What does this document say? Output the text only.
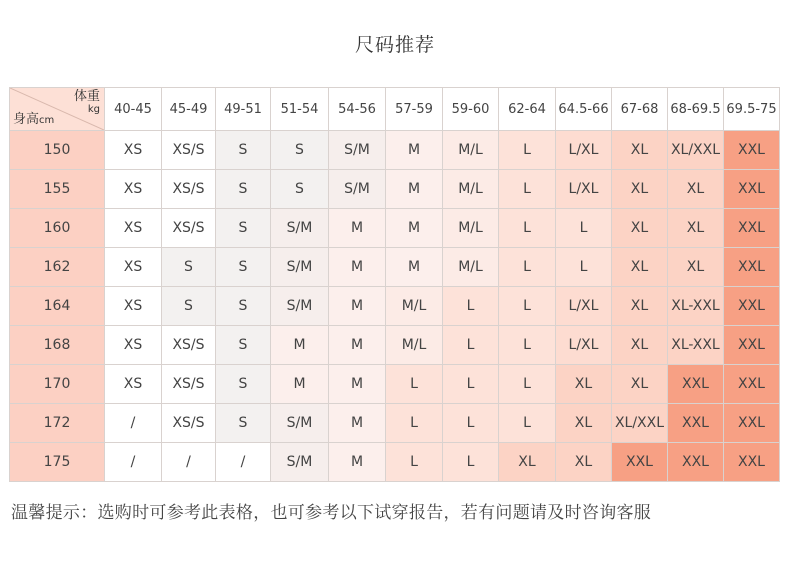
尺码推荐
体重
kg
身高cm	40-45	45-49	49-51	51-54	54-56	57-59	59-60	62-64	64.5-66	67-68	68-69.5	69.5-75
150	XS	XS/S	S	S	S/M	M	M/L	L	L/XL	XL	XL/XXL	XXL
155	XS	XS/S	S	S	S/M	M	M/L	L	L/XL	XL	XL	XXL
160	XS	XS/S	S	S/M	M	M	M/L	L	L	XL	XL	XXL
162	XS	S	S	S/M	M	M	M/L	L	L	XL	XL	XXL
164	XS	S	S	S/M	M	M/L	L	L	L/XL	XL	XL-XXL	XXL
168	XS	XS/S	S	M	M	M/L	L	L	L/XL	XL	XL-XXL	XXL
170	XS	XS/S	S	M	M	L	L	L	XL	XL	XXL	XXL
172	/	XS/S	S	S/M	M	L	L	L	XL	XL/XXL	XXL	XXL
175	/	/	/	S/M	M	L	L	XL	XL	XXL	XXL	XXL
温馨提示：选购时可参考此表格，也可参考以下试穿报告，若有问题请及时咨询客服
